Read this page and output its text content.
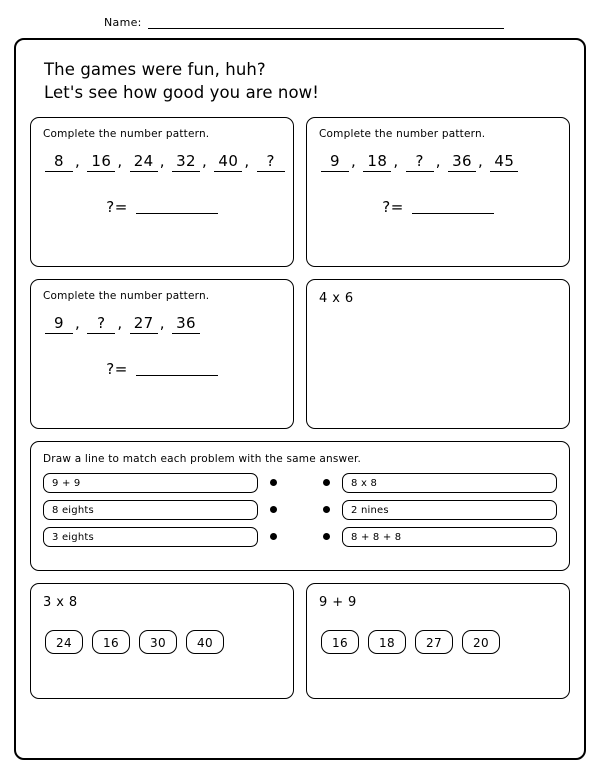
Name:
The games were fun, huh?
Let's see how good you are now!
Complete the number pattern.
8 , 16 , 24 , 32 , 40 , ?
?=
Complete the number pattern.
9 , 18 , ? , 36 , 45
?=
Complete the number pattern.
9 , ? , 27 , 36
?=
4 x 6
Draw a line to match each problem with the same answer.
9 + 9	8 x 8
8 eights	2 nines
3 eights	8 + 8 + 8
3 x 8
24	16	30	40
9 + 9
16	18	27	20
